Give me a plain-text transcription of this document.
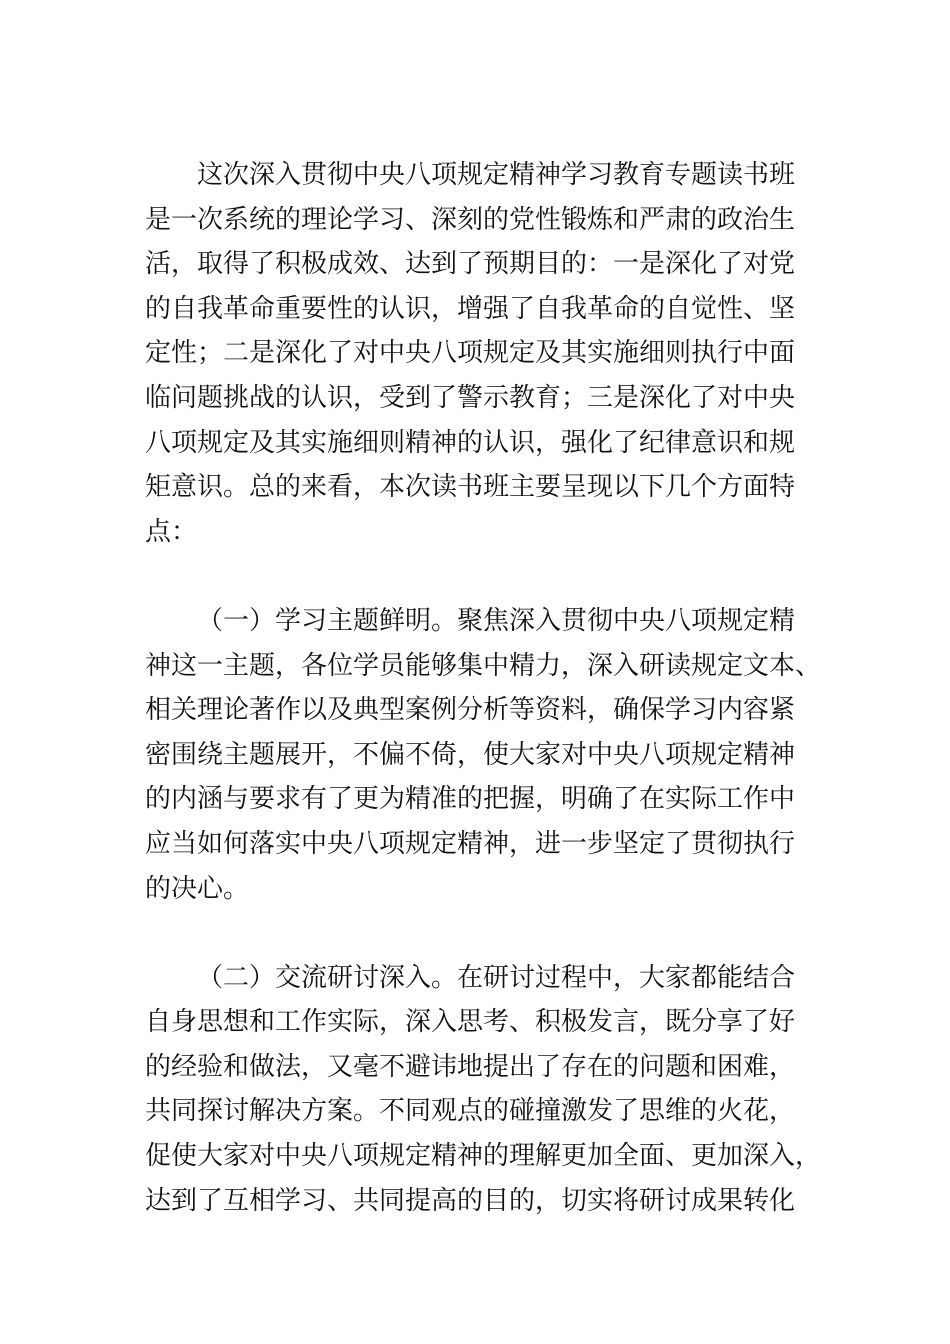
这次深入贯彻中央八项规定精神学习教育专题读书班
是一次系统的理论学习、深刻的党性锻炼和严肃的政治生
活，取得了积极成效、达到了预期目的：一是深化了对党
的自我革命重要性的认识，增强了自我革命的自觉性、坚
定性；二是深化了对中央八项规定及其实施细则执行中面
临问题挑战的认识，受到了警示教育；三是深化了对中央
八项规定及其实施细则精神的认识，强化了纪律意识和规
矩意识。总的来看，本次读书班主要呈现以下几个方面特
点：
（一）学习主题鲜明。聚焦深入贯彻中央八项规定精
神这一主题，各位学员能够集中精力，深入研读规定文本、
相关理论著作以及典型案例分析等资料，确保学习内容紧
密围绕主题展开，不偏不倚，使大家对中央八项规定精神
的内涵与要求有了更为精准的把握，明确了在实际工作中
应当如何落实中央八项规定精神，进一步坚定了贯彻执行
的决心。
（二）交流研讨深入。在研讨过程中，大家都能结合
自身思想和工作实际，深入思考、积极发言，既分享了好
的经验和做法，又毫不避讳地提出了存在的问题和困难，
共同探讨解决方案。不同观点的碰撞激发了思维的火花，
促使大家对中央八项规定精神的理解更加全面、更加深入，
达到了互相学习、共同提高的目的，切实将研讨成果转化
